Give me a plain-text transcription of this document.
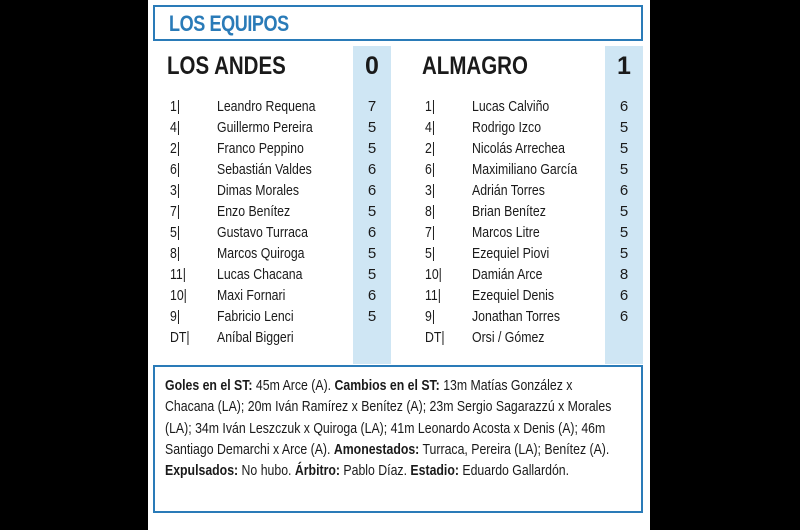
LOS EQUIPOS
LOS ANDES	0
1| Leandro Requena	7
4| Guillermo Pereira	5
2| Franco Peppino	5
6| Sebastián Valdes	6
3| Dimas Morales	6
7| Enzo Benítez	5
5| Gustavo Turraca	6
8| Marcos Quiroga	5
11| Lucas Chacana	5
10| Maxi Fornari	6
9| Fabricio Lenci	5
DT| Aníbal Biggeri
ALMAGRO	1
1| Lucas Calviño	6
4| Rodrigo Izco	5
2| Nicolás Arrechea	5
6| Maximiliano García	5
3| Adrián Torres	6
8| Brian Benítez	5
7| Marcos Litre	5
5| Ezequiel Piovi	5
10| Damián Arce	8
11| Ezequiel Denis	6
9| Jonathan Torres	6
DT| Orsi / Gómez

Goles en el ST: 45m Arce (A). Cambios en el ST: 13m Matías González x Chacana (LA); 20m Iván Ramírez x Benítez (A); 23m Sergio Sagarazzú x Morales (LA); 34m Iván Leszczuk x Quiroga (LA); 41m Leonardo Acosta x Denis (A); 46m Santiago Demarchi x Arce (A). Amonestados: Turraca, Pereira (LA); Benítez (A). Expulsados: No hubo. Árbitro: Pablo Díaz. Estadio: Eduardo Gallardón.
